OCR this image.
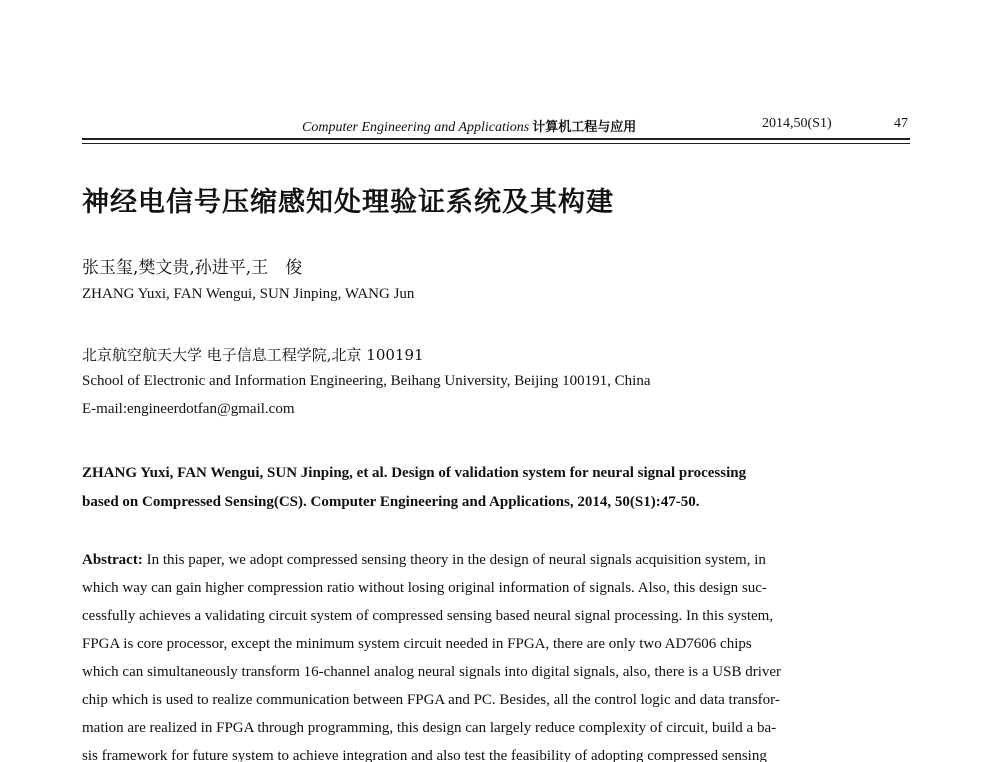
Computer Engineering and Applications 计算机工程与应用	2014,50(S1)	47
神经电信号压缩感知处理验证系统及其构建
张玉玺,樊文贵,孙进平,王　俊
ZHANG Yuxi, FAN Wengui, SUN Jinping, WANG Jun
北京航空航天大学 电子信息工程学院,北京 100191
School of Electronic and Information Engineering, Beihang University, Beijing 100191, China
E-mail:engineerdotfan@gmail.com
ZHANG Yuxi, FAN Wengui, SUN Jinping, et al. Design of validation system for neural signal processing
based on Compressed Sensing(CS). Computer Engineering and Applications, 2014, 50(S1):47-50.
Abstract: In this paper, we adopt compressed sensing theory in the design of neural signals acquisition system, in
which way can gain higher compression ratio without losing original information of signals. Also, this design suc-
cessfully achieves a validating circuit system of compressed sensing based neural signal processing. In this system,
FPGA is core processor, except the minimum system circuit needed in FPGA, there are only two AD7606 chips
which can simultaneously transform 16-channel analog neural signals into digital signals, also, there is a USB driver
chip which is used to realize communication between FPGA and PC. Besides, all the control logic and data transfor-
mation are realized in FPGA through programming, this design can largely reduce complexity of circuit, build a ba-
sis framework for future system to achieve integration and also test the feasibility of adopting compressed sensing
